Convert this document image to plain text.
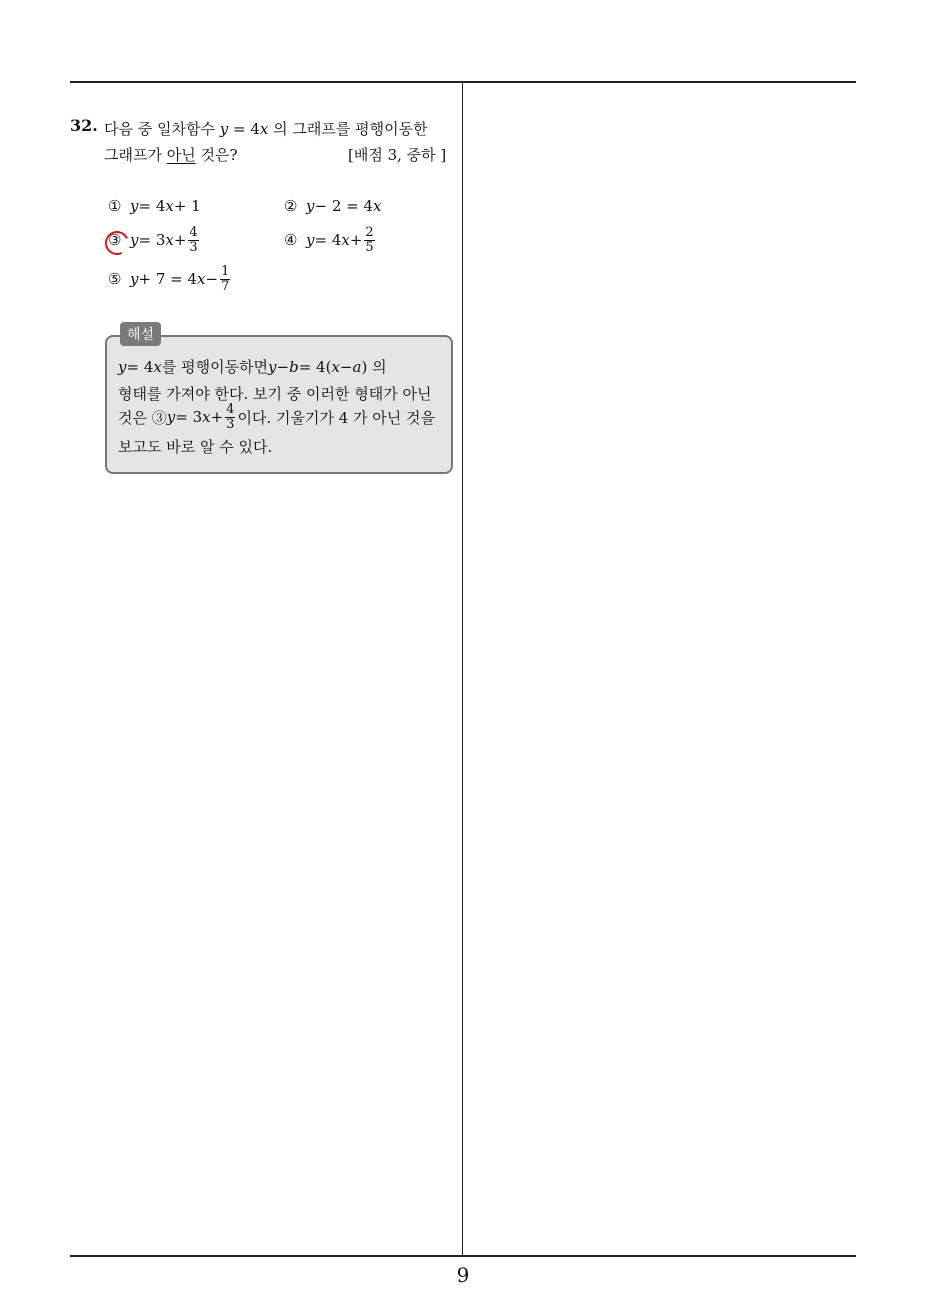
32. 다음 중 일차함수 y = 4x 의 그래프를 평행이동한
그래프가 아닌 것은?	[배점 3, 중하 ]
① y = 4 x + 1	② y − 2 = 4 x
③ y = 3 $x + \frac{4}{3}$	④ y = 4 $x + \frac{2}{5}$
⑤ y + 7 = 4 $x - \frac{1}{7}$
해설
y = 4 x 를 평행이동하면 y − b = 4( x − a ) 의
형태를 가져야 한다. 보기 중 이러한 형태가 아닌
것은 ③ y = 3 $x + \frac{4}{3}$ 이다. 기울기가 4 가 아닌 것을
보고도 바로 알 수 있다.
9
